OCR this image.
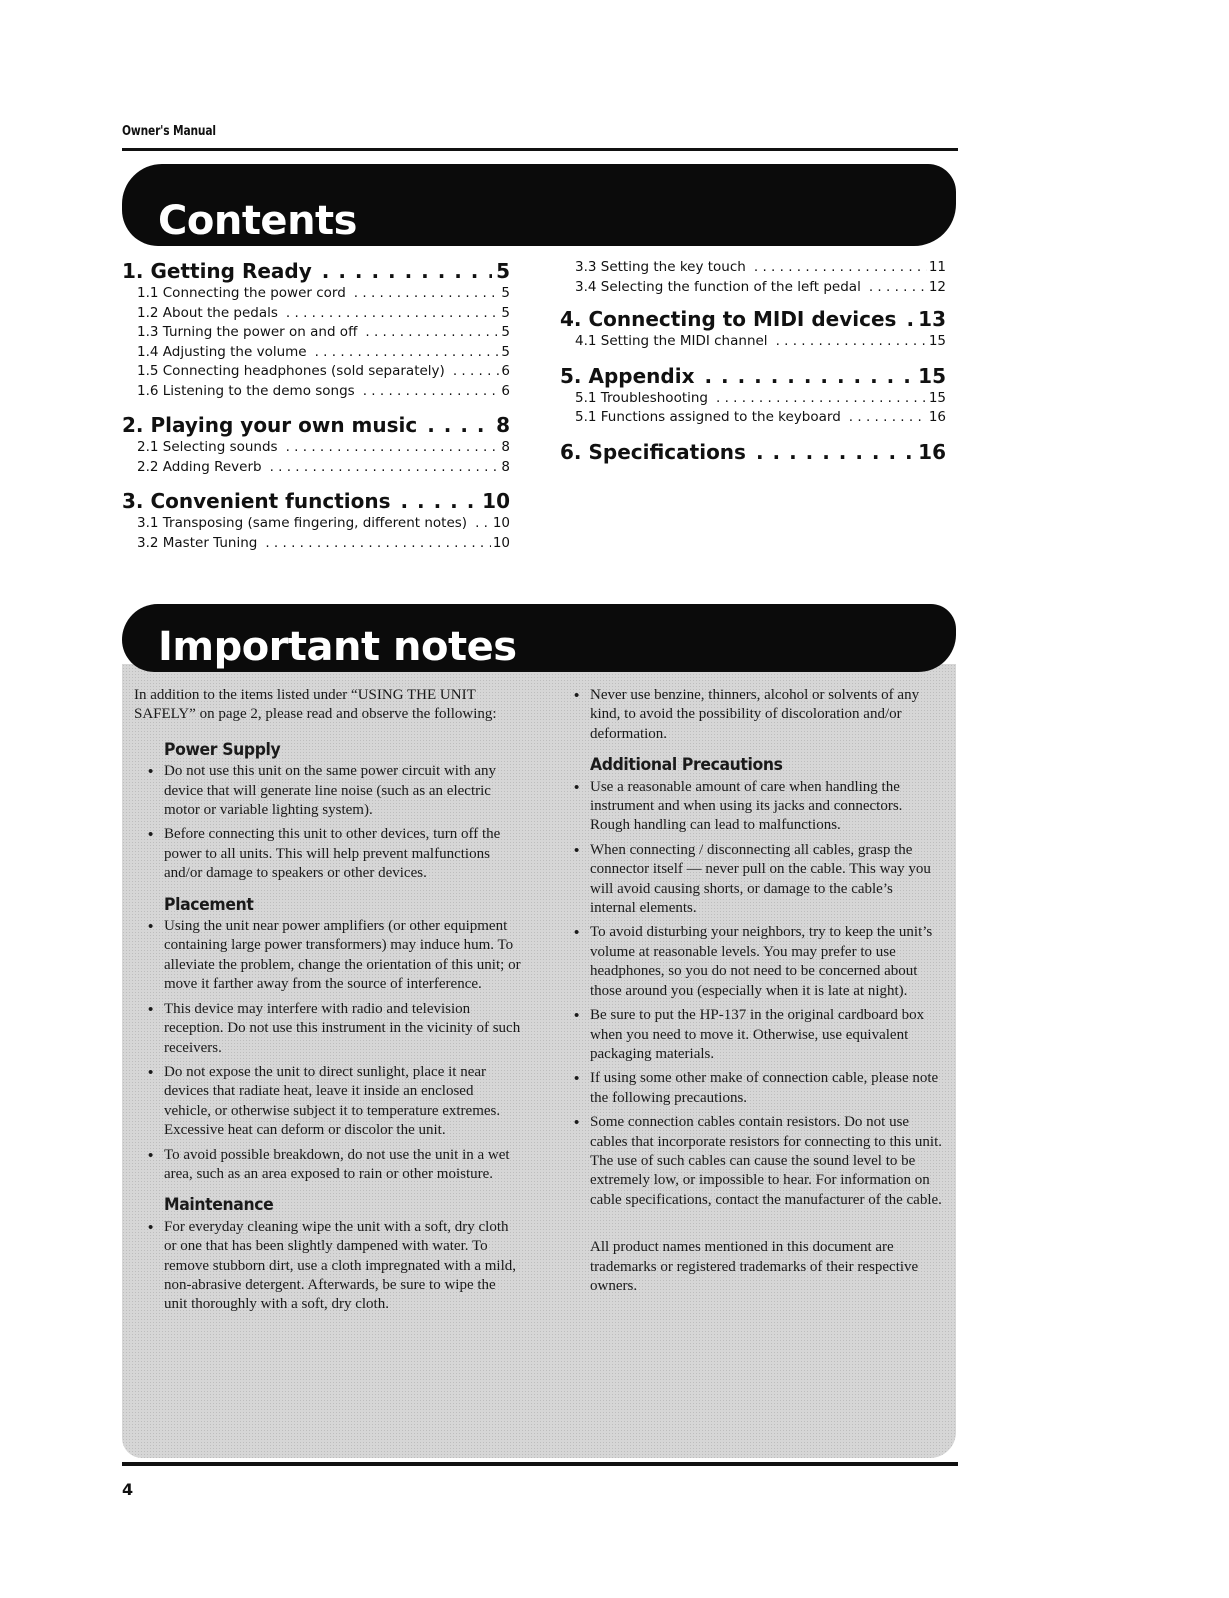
Owner's Manual
Contents
1. Getting Ready . . .	5
1.1 Connecting the power cord . . .	5
1.2 About the pedals . . .	5
1.3 Turning the power on and off . . .	5
1.4 Adjusting the volume . . .	5
1.5 Connecting headphones (sold separately) . . .	6
1.6 Listening to the demo songs . . .	6
2. Playing your own music . . .	8
2.1 Selecting sounds . . .	8
2.2 Adding Reverb . . .	8
3. Convenient functions . . .	10
3.1 Transposing (same fingering, different notes) . . . 10
3.2 Master Tuning . . .	10
3.3 Setting the key touch . . .	11
3.4 Selecting the function of the left pedal . . .	12
4. Connecting to MIDI devices . . . 13
4.1 Setting the MIDI channel . . .	15
5. Appendix . . .	15
5.1 Troubleshooting . . .	15
5.1 Functions assigned to the keyboard . . .	16
6. Specifications . . .	16
Important notes

In addition to the items listed under “USING THE UNIT SAFELY” on page 2, please read and observe the following:

Power Supply
• Do not use this unit on the same power circuit with any device that will generate line noise (such as an electric motor or variable lighting system).
• Before connecting this unit to other devices, turn off the power to all units. This will help prevent malfunctions and/or damage to speakers or other devices.
Placement
• Using the unit near power amplifiers (or other equipment containing large power transformers) may induce hum. To alleviate the problem, change the orientation of this unit; or move it farther away from the source of interference.
• This device may interfere with radio and television reception. Do not use this instrument in the vicinity of such receivers.
• Do not expose the unit to direct sunlight, place it near devices that radiate heat, leave it inside an enclosed vehicle, or otherwise subject it to temperature extremes. Excessive heat can deform or discolor the unit.
• To avoid possible breakdown, do not use the unit in a wet area, such as an area exposed to rain or other moisture.
Maintenance
• For everyday cleaning wipe the unit with a soft, dry cloth or one that has been slightly dampened with water. To remove stubborn dirt, use a cloth impregnated with a mild, non-abrasive detergent. Afterwards, be sure to wipe the unit thoroughly with a soft, dry cloth.
• Never use benzine, thinners, alcohol or solvents of any kind, to avoid the possibility of discoloration and/or deformation.
Additional Precautions
• Use a reasonable amount of care when handling the instrument and when using its jacks and connectors. Rough handling can lead to malfunctions.
• When connecting / disconnecting all cables, grasp the connector itself — never pull on the cable. This way you will avoid causing shorts, or damage to the cable’s internal elements.
• To avoid disturbing your neighbors, try to keep the unit’s volume at reasonable levels. You may prefer to use headphones, so you do not need to be concerned about those around you (especially when it is late at night).
• Be sure to put the HP-137 in the original cardboard box when you need to move it. Otherwise, use equivalent packaging materials.
• If using some other make of connection cable, please note the following precautions.
• Some connection cables contain resistors. Do not use cables that incorporate resistors for connecting to this unit. The use of such cables can cause the sound level to be extremely low, or impossible to hear. For information on cable specifications, contact the manufacturer of the cable.

All product names mentioned in this document are trademarks or registered trademarks of their respective owners.

4
